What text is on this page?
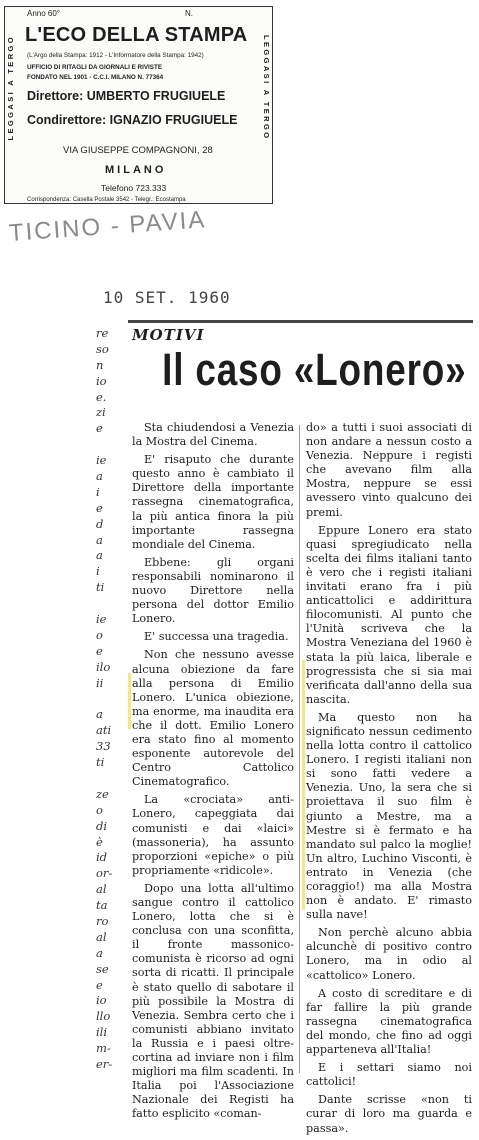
LEGGASI A TERGO	LEGGASI A TERGO
Anno 60°	N.
L'ECO DELLA STAMPA
(L'Argo della Stampa: 1912 - L'Informatore della Stampa: 1942)
UFFICIO DI RITAGLI DA GIORNALI E RIVISTE
FONDATO NEL 1901 - C.C.I. MILANO N. 77364
Direttore: UMBERTO FRUGIUELE
Condirettore: IGNAZIO FRUGIUELE
VIA GIUSEPPE COMPAGNONI, 28
MILANO
Telefono 723.333
Corrispondenza: Casella Postale 3542 - Telegr.: Ecostampa
TICINO - PAVIA
10 SET. 1960
re
so
n
io
e.
zi
e
ie
a
i
e
d
a
a
i
ti
ie
o
e
ilo
ii
a
ati
33
ti
ze
o
di
è
id
or-
al
ta
ro
al
a
se
e
io
llo
ili
m-
er-
MOTIVI
Il caso «Lonero»

Sta chiudendosi a Venezia la Mostra del Cinema.

E' risaputo che durante questo anno è cambiato il Direttore della importante rassegna cinematografica, la più antica finora la più importante rassegna mondiale del Cinema.

Ebbene: gli organi responsabili nominarono il nuovo Direttore nella persona del dottor Emilio Lonero.

E' successa una tragedia.

Non che nessuno avesse alcuna obiezione da fare alla persona di Emilio Lonero. L'unica obiezione, ma enorme, ma inaudita era che il dott. Emilio Lonero era stato fino al momento esponente autorevole del Centro Cattolico Cinematografico.

La «crociata» anti-Lonero, capeggiata dai comunisti e dai «laici» (massoneria), ha assunto proporzioni «epiche» o più propriamente «ridicole».

Dopo una lotta all'ultimo sangue contro il cattolico Lonero, lotta che si è conclusa con una sconfitta, il fronte massonico-comunista è ricorso ad ogni sorta di ricatti. Il principale è stato quello di sabotare il più possibile la Mostra di Venezia. Sembra certo che i comunisti abbiano invitato la Russia e i paesi oltre-cortina ad inviare non i film migliori ma film scadenti. In Italia poi l'Associazione Nazionale dei Registi ha fatto esplicito «coman-

do» a tutti i suoi associati di non andare a nessun costo a Venezia. Neppure i registi che avevano film alla Mostra, neppure se essi avessero vinto qualcuno dei premi.

Eppure Lonero era stato quasi spregiudicato nella scelta dei films italiani tanto è vero che i registi italiani invitati erano fra i più anticattolici e addirittura filocomunisti. Al punto che l'Unità scriveva che la Mostra Veneziana del 1960 è stata la più laica, liberale e progressista che si sia mai verificata dall'anno della sua nascita.

Ma questo non ha significato nessun cedimento nella lotta contro il cattolico Lonero. I registi italiani non si sono fatti vedere a Venezia. Uno, la sera che si proiettava il suo film è giunto a Mestre, ma a Mestre si è fermato e ha mandato sul palco la moglie! Un altro, Luchino Visconti, è entrato in Venezia (che coraggio!) ma alla Mostra non è andato. E' rimasto sulla nave!

Non perchè alcuno abbia alcunchè di positivo contro Lonero, ma in odio al «cattolico» Lonero.

A costo di screditare e di far fallire la più grande rassegna cinematografica del mondo, che fino ad oggi apparteneva all'Italia!

E i settari siamo noi cattolici!

Dante scrisse «non ti curar di loro ma guarda e passa».
